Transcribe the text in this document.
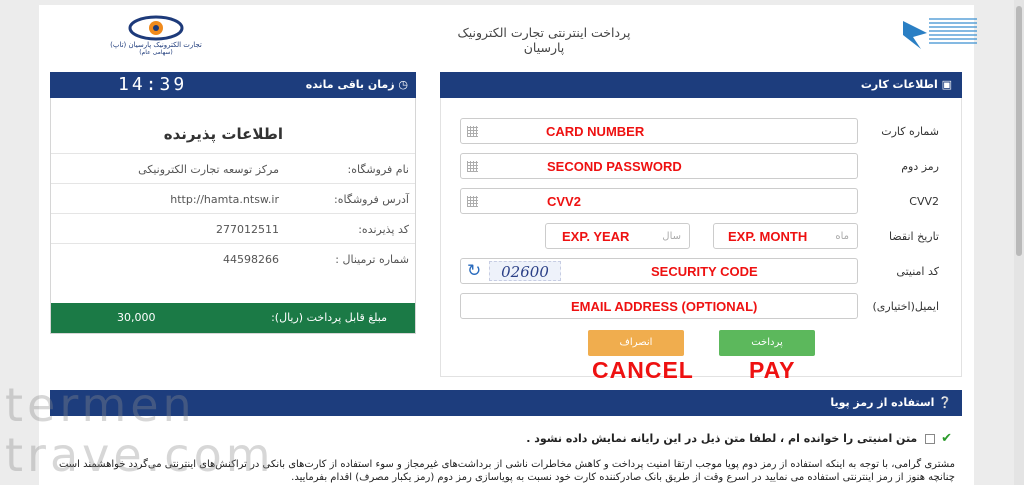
پرداخت اینترنتی تجارت الکترونیک پارسیان
تجارت الکترونیک پارسیان (تاپ)
(سهامی عام)
◷ زمان باقی مانده
14:39
اطلاعات پذیرنده
نام فروشگاه:
مرکز توسعه تجارت الکترونیکی
آدرس فروشگاه:
http://hamta.ntsw.ir
کد پذیرنده:
277012511
شماره ترمینال :
44598266
مبلغ قابل پرداخت (ریال):
30,000
▣ اطلاعات کارت
شماره کارت
CARD NUMBER
رمز دوم
SECOND PASSWORD
CVV2
CVV2
تاریخ انقضا
EXP. MONTH	ماه
EXP. YEAR	سال
کد امنیتی
↻	02600	SECURITY CODE
ایمیل(اختیاری)
EMAIL ADDRESS (OPTIONAL)
انصراف	پرداخت
CANCEL PAY
❔ استفاده از رمز پویا
✔ متن امنیتی را خوانده ام ، لطفا متن ذیل در این رایانه نمایش داده نشود .
مشتری گرامی، با توجه به اینکه استفاده از رمز دوم پویا موجب ارتقا امنیت پرداخت و کاهش مخاطرات ناشی از برداشت‌های غیرمجاز و سوء استفاده از کارت‌های بانکی در تراکنش‌های اینترنتی می‌گردد خواهشمند است چنانچه هنوز از رمز اینترنتی استفاده می نمایید در اسرع وقت از طریق بانک صادرکننده کارت خود نسبت به پویاسازی رمز دوم (رمز یکبار مصرف) اقدام بفرمایید.
termen
trave.com
